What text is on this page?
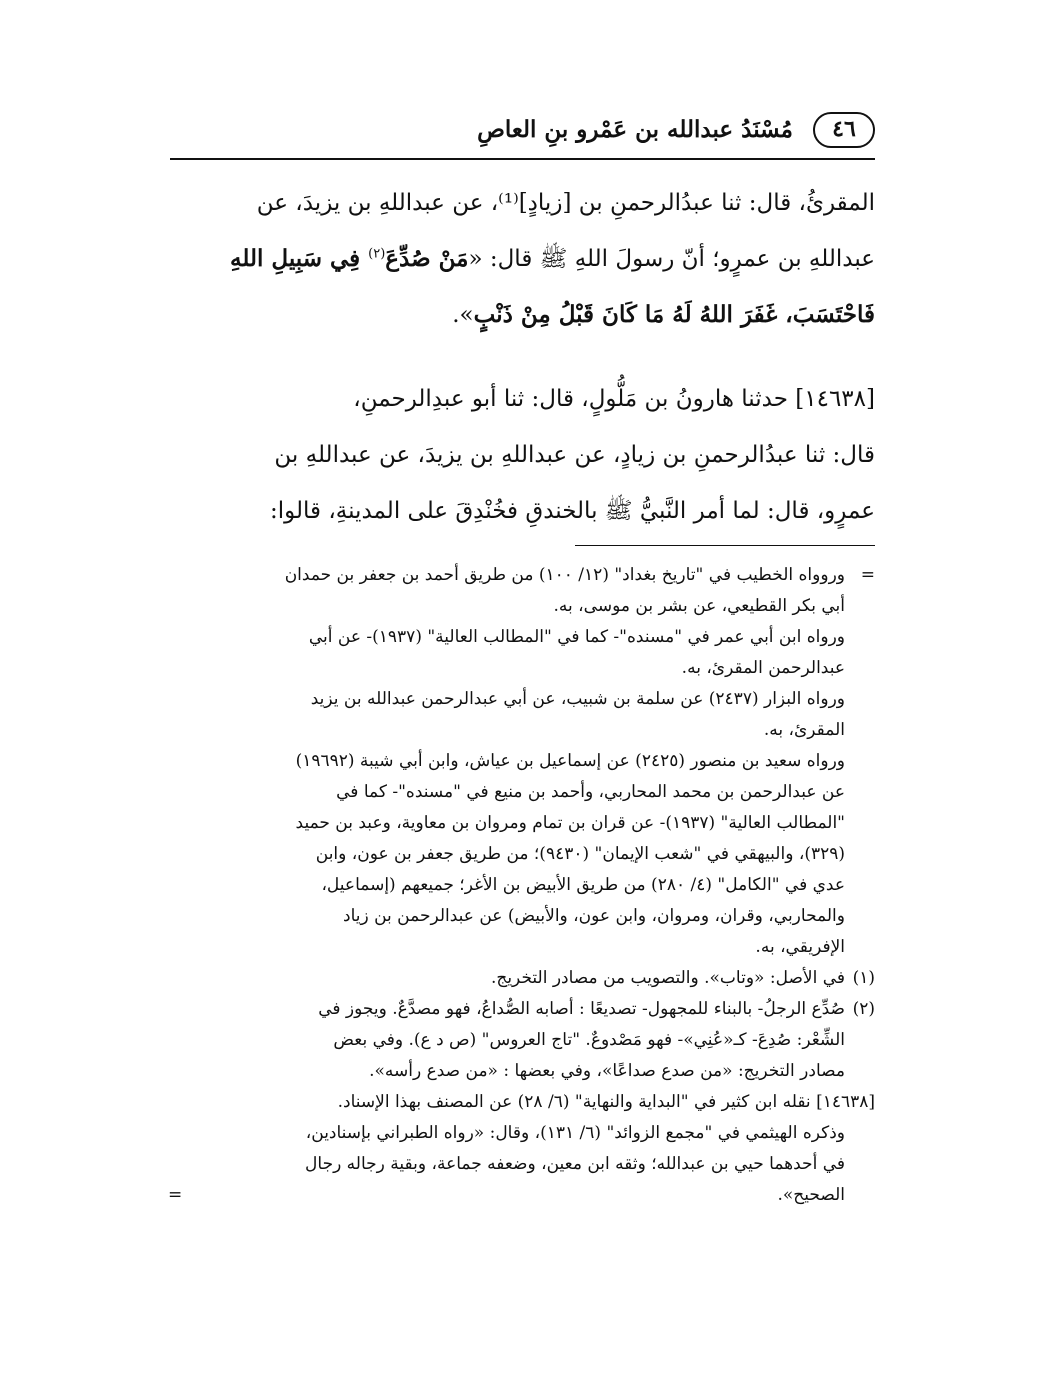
٤٦
مُسْنَدُ عبدالله بن عَمْرو بنِ العاصِ

المقرئُ، قال: ثنا عبدُالرحمنِ بن [زيادٍ]⁽¹⁾، عن عبداللهِ بن يزيدَ، عن

عبداللهِ بن عمرٍو؛ أنّ رسولَ اللهِ ﷺ قال: «مَنْ صُدِّعَ$^{(٢)}$ فِي سَبِيلِ اللهِ

فَاحْتَسَبَ، غَفَرَ اللهُ لَهُ مَا كَانَ قَبْلُ مِنْ ذَنْبٍ».

[١٤٦٣٨] حدثنا هارونُ بن مَلُّولٍ، قال: ثنا أبو عبدِالرحمنِ،

قال: ثنا عبدُالرحمنِ بن زيادٍ، عن عبداللهِ بن يزيدَ، عن عبداللهِ بن

عمرٍو، قال: لما أمر النَّبيُّ ﷺ بالخندقِ فخُنْدِقَ على المدينةِ، قالوا:

=
وروواه الخطيب في "تاريخ بغداد" (١٢/ ١٠٠) من طريق أحمد بن جعفر بن حمدان
أبي بكر القطيعي، عن بشر بن موسى، به.
ورواه ابن أبي عمر في "مسنده"- كما في "المطالب العالية" (١٩٣٧)- عن أبي
عبدالرحمن المقرئ، به.
ورواه البزار (٢٤٣٧) عن سلمة بن شبيب، عن أبي عبدالرحمن عبدالله بن يزيد
المقرئ، به.
ورواه سعيد بن منصور (٢٤٢٥) عن إسماعيل بن عياش، وابن أبي شيبة (١٩٦٩٢)
عن عبدالرحمن بن محمد المحاربي، وأحمد بن منيع في "مسنده"- كما في
"المطالب العالية" (١٩٣٧)- عن قران بن تمام ومروان بن معاوية، وعبد بن حميد
(٣٢٩)، والبيهقي في "شعب الإيمان" (٩٤٣٠)؛ من طريق جعفر بن عون، وابن
عدي في "الكامل" (٤/ ٢٨٠) من طريق الأبيض بن الأغر؛ جميعهم (إسماعيل،
والمحاربي، وقران، ومروان، وابن عون، والأبيض) عن عبدالرحمن بن زياد
الإفريقي، به.
(١)
في الأصل: «وتاب». والتصويب من مصادر التخريج.
(٢)
صُدِّع الرجلُ- بالبناء للمجهول- تصديعًا : أصابه الصُّداعُ، فهو مصدَّعٌ. ويجوز في
الشِّعْر: صُدِعَ- كـ«عُنِي»- فهو مَصْدوعٌ. "تاج العروس" (ص د ع). وفي بعض
مصادر التخريج: «من صدع صداعًا»، وفي بعضها : «من صدع رأسه».
[١٤٦٣٨] نقله ابن كثير في "البداية والنهاية" (٦/ ٢٨) عن المصنف بهذا الإسناد.
وذكره الهيثمي في "مجمع الزوائد" (٦/ ١٣١)، وقال: «رواه الطبراني بإسنادين،
في أحدهما حيي بن عبدالله؛ وثقه ابن معين، وضعفه جماعة، وبقية رجاله رجال
الصحيح».
=
